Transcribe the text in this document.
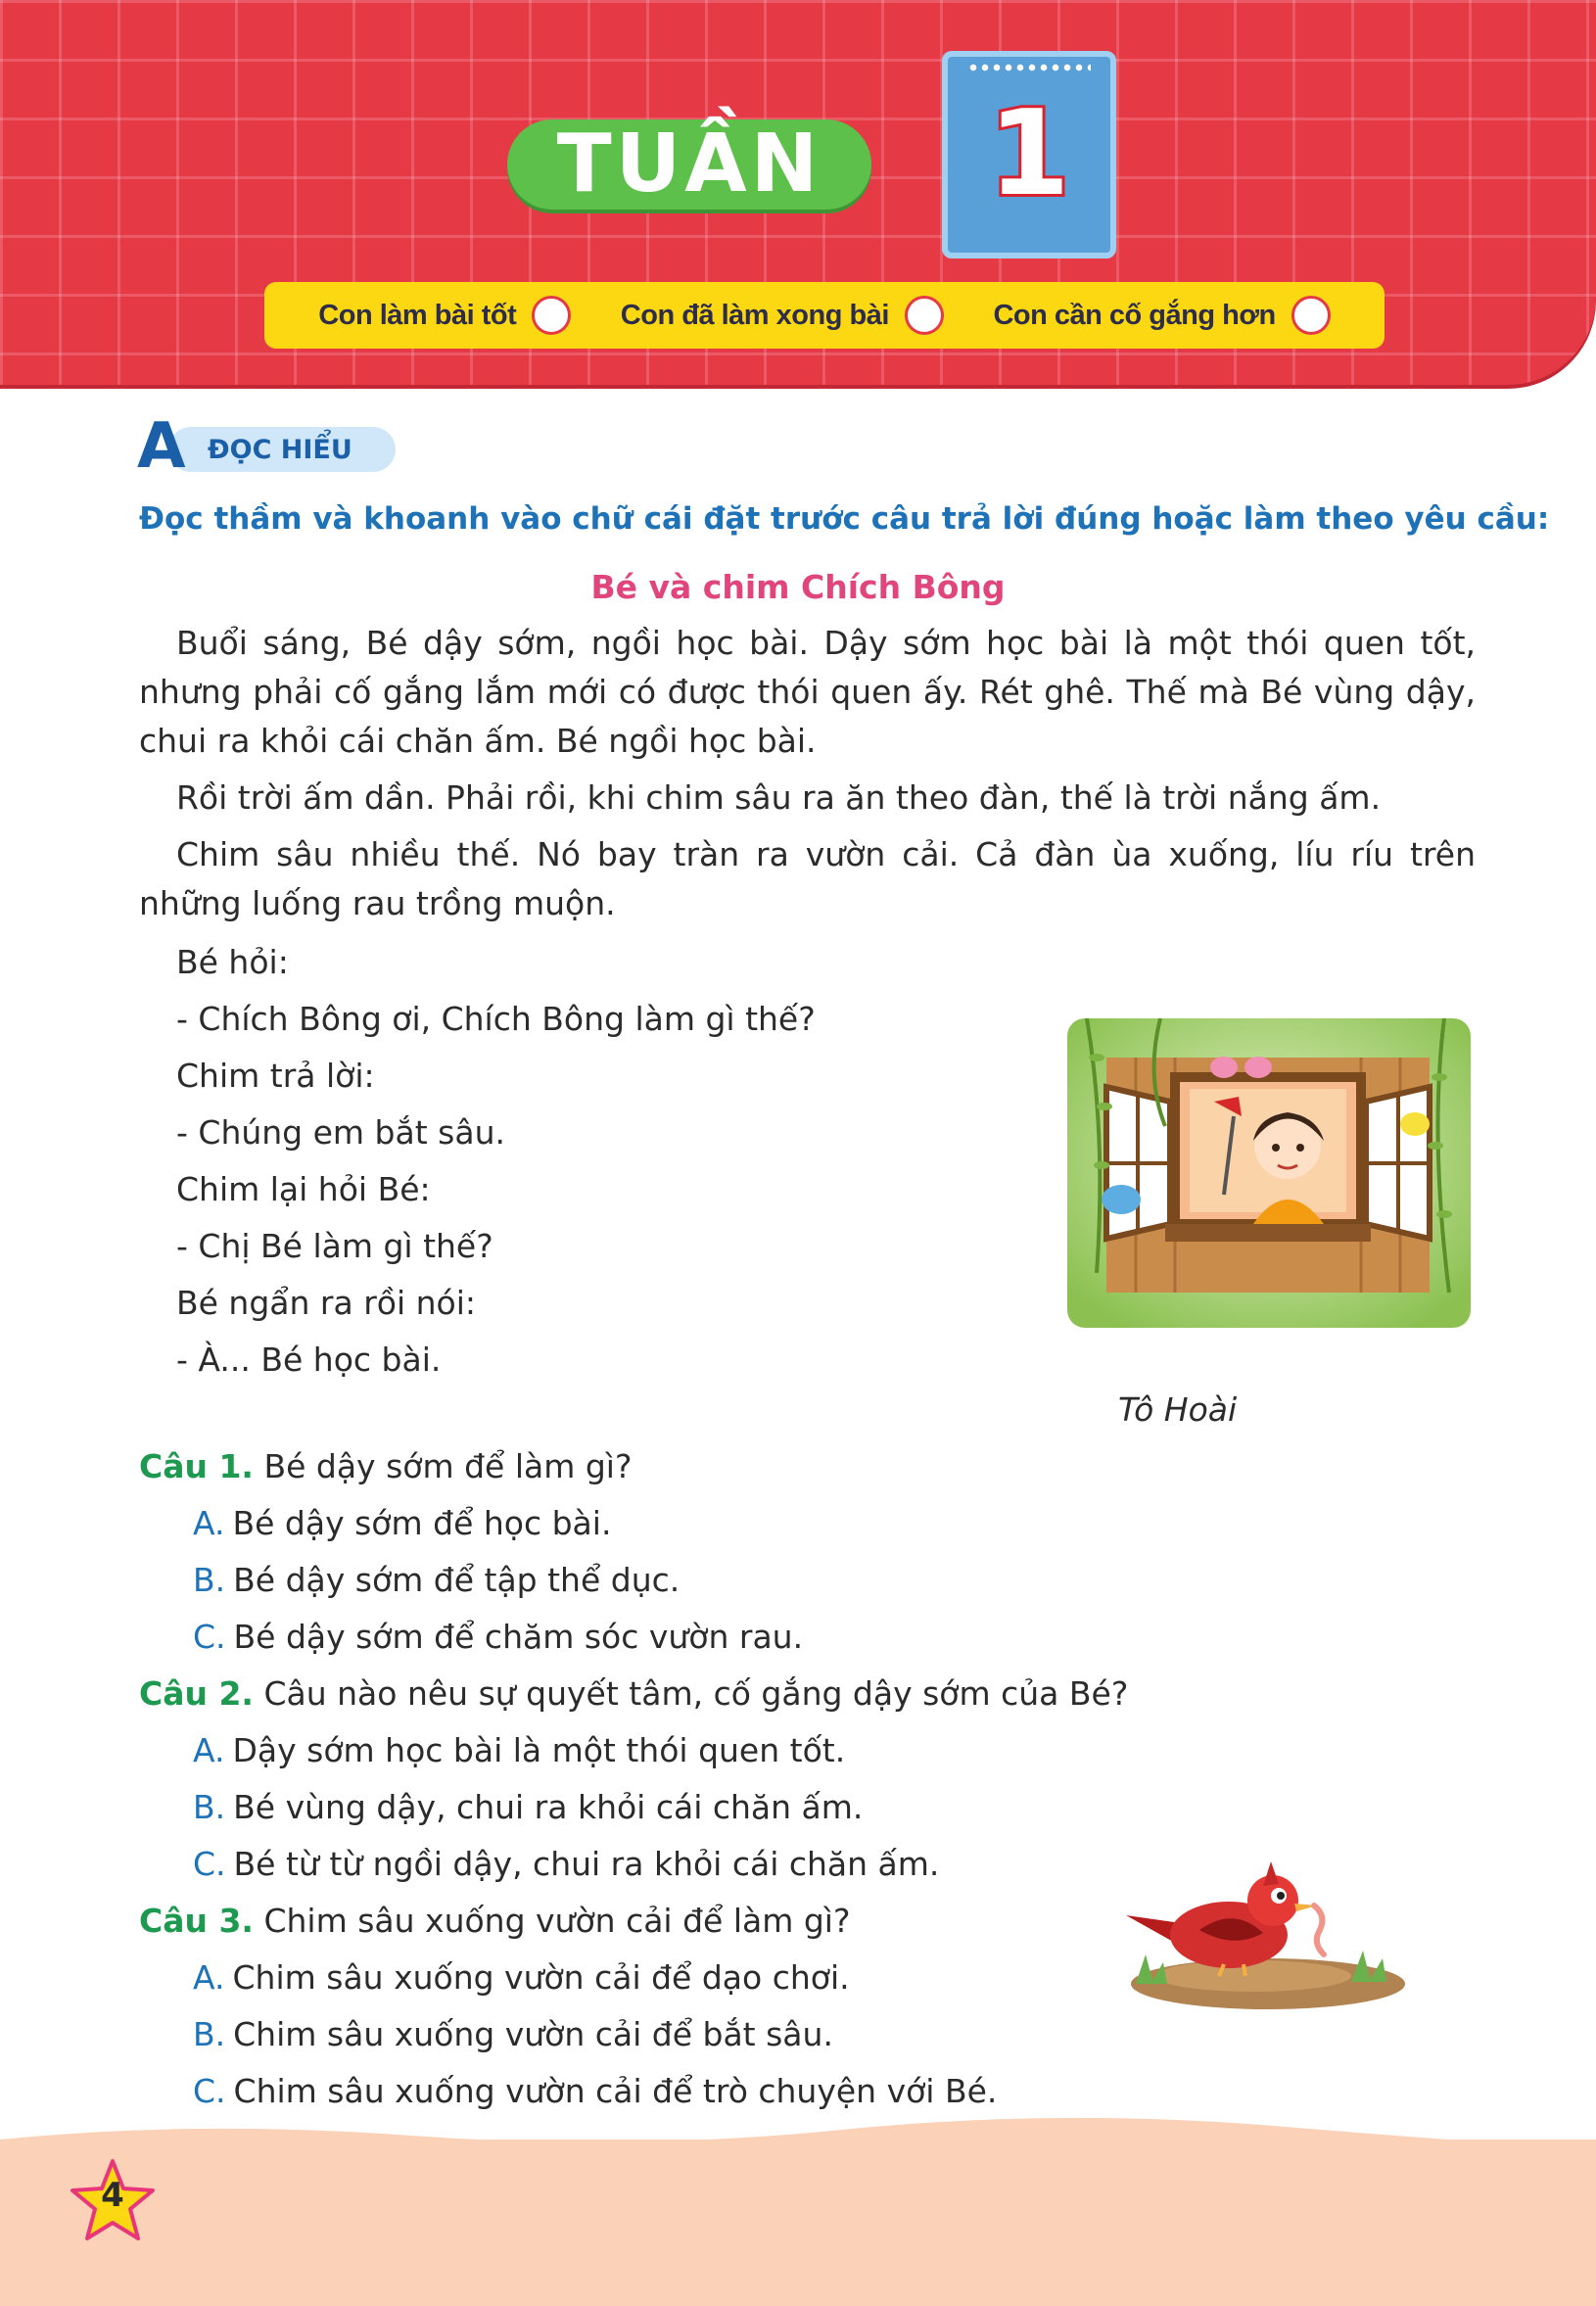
TUẦN 1
Con làm bài tốt	Con đã làm xong bài	Con cần cố gắng hơn
A ĐỌC HIỂU
Đọc thầm và khoanh vào chữ cái đặt trước câu trả lời đúng hoặc làm theo yêu cầu:
Bé và chim Chích Bông
Buổi sáng, Bé dậy sớm, ngồi học bài. Dậy sớm học bài là một thói quen tốt, nhưng phải cố gắng lắm mới có được thói quen ấy. Rét ghê. Thế mà Bé vùng dậy, chui ra khỏi cái chăn ấm. Bé ngồi học bài.
Rồi trời ấm dần. Phải rồi, khi chim sâu ra ăn theo đàn, thế là trời nắng ấm.
Chim sâu nhiều thế. Nó bay tràn ra vườn cải. Cả đàn ùa xuống, líu ríu trên những luống rau trồng muộn.
Bé hỏi:
- Chích Bông ơi, Chích Bông làm gì thế?
Chim trả lời:
- Chúng em bắt sâu.
Chim lại hỏi Bé:
- Chị Bé làm gì thế?
Bé ngẩn ra rồi nói:
- À... Bé học bài.
Tô Hoài
Câu 1. Bé dậy sớm để làm gì?
A. Bé dậy sớm để học bài.
B. Bé dậy sớm để tập thể dục.
C. Bé dậy sớm để chăm sóc vườn rau.
Câu 2. Câu nào nêu sự quyết tâm, cố gắng dậy sớm của Bé?
A. Dậy sớm học bài là một thói quen tốt.
B. Bé vùng dậy, chui ra khỏi cái chăn ấm.
C. Bé từ từ ngồi dậy, chui ra khỏi cái chăn ấm.
Câu 3. Chim sâu xuống vườn cải để làm gì?
A. Chim sâu xuống vườn cải để dạo chơi.
B. Chim sâu xuống vườn cải để bắt sâu.
C. Chim sâu xuống vườn cải để trò chuyện với Bé.
4
